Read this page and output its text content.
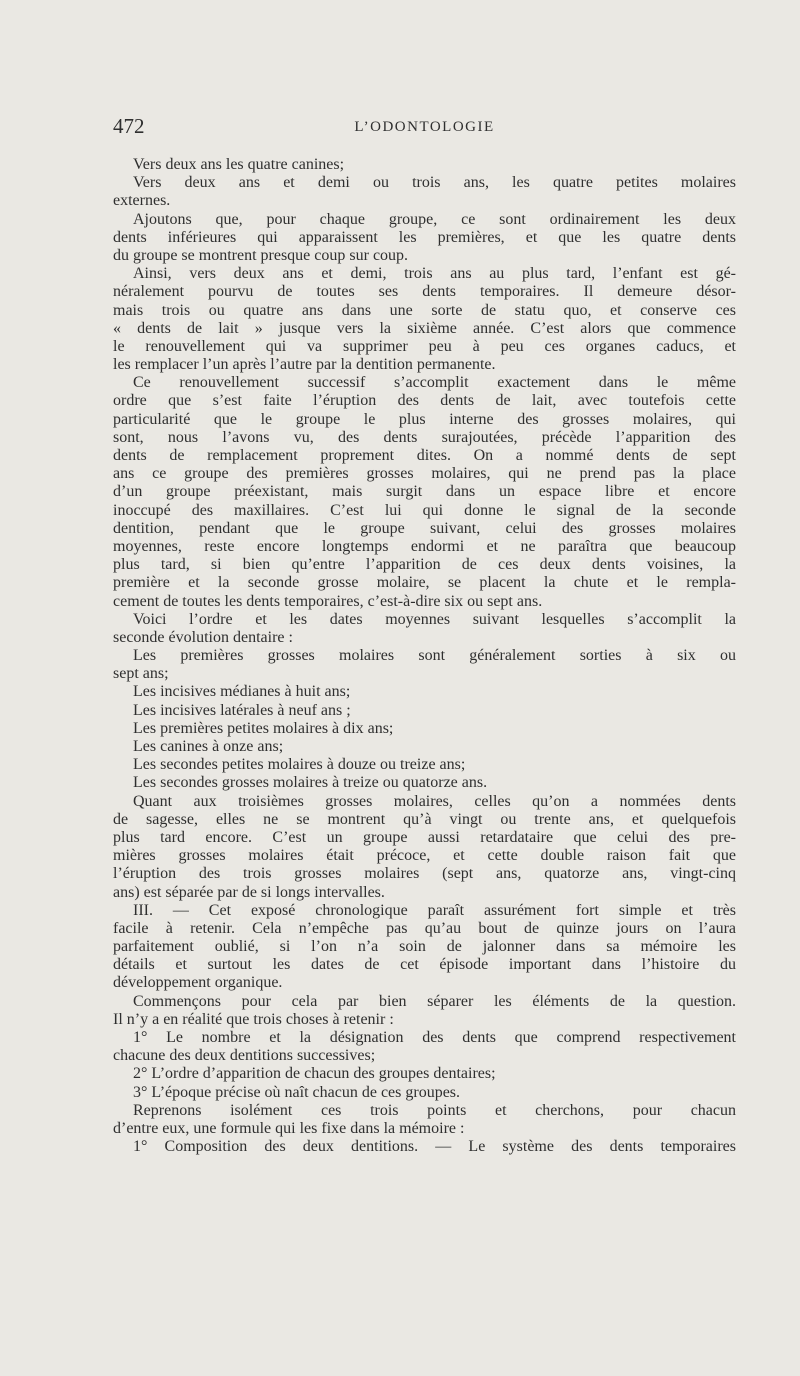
472	L’ODONTOLOGIE
Vers deux ans les quatre canines;
Vers deux ans et demi ou trois ans, les quatre petites molaires
externes.
Ajoutons que, pour chaque groupe, ce sont ordinairement les deux
dents inférieures qui apparaissent les premières, et que les quatre dents
du groupe se montrent presque coup sur coup.
Ainsi, vers deux ans et demi, trois ans au plus tard, l’enfant est gé-
néralement pourvu de toutes ses dents temporaires. Il demeure désor-
mais trois ou quatre ans dans une sorte de statu quo, et conserve ces
« dents de lait » jusque vers la sixième année. C’est alors que commence
le renouvellement qui va supprimer peu à peu ces organes caducs, et
les remplacer l’un après l’autre par la dentition permanente.
Ce renouvellement successif s’accomplit exactement dans le même
ordre que s’est faite l’éruption des dents de lait, avec toutefois cette
particularité que le groupe le plus interne des grosses molaires, qui
sont, nous l’avons vu, des dents surajoutées, précède l’apparition des
dents de remplacement proprement dites. On a nommé dents de sept
ans ce groupe des premières grosses molaires, qui ne prend pas la place
d’un groupe préexistant, mais surgit dans un espace libre et encore
inoccupé des maxillaires. C’est lui qui donne le signal de la seconde
dentition, pendant que le groupe suivant, celui des grosses molaires
moyennes, reste encore longtemps endormi et ne paraîtra que beaucoup
plus tard, si bien qu’entre l’apparition de ces deux dents voisines, la
première et la seconde grosse molaire, se placent la chute et le rempla-
cement de toutes les dents temporaires, c’est-à-dire six ou sept ans.
Voici l’ordre et les dates moyennes suivant lesquelles s’accomplit la
seconde évolution dentaire :
Les premières grosses molaires sont généralement sorties à six ou
sept ans;
Les incisives médianes à huit ans;
Les incisives latérales à neuf ans ;
Les premières petites molaires à dix ans;
Les canines à onze ans;
Les secondes petites molaires à douze ou treize ans;
Les secondes grosses molaires à treize ou quatorze ans.
Quant aux troisièmes grosses molaires, celles qu’on a nommées dents
de sagesse, elles ne se montrent qu’à vingt ou trente ans, et quelquefois
plus tard encore. C’est un groupe aussi retardataire que celui des pre-
mières grosses molaires était précoce, et cette double raison fait que
l’éruption des trois grosses molaires (sept ans, quatorze ans, vingt-cinq
ans) est séparée par de si longs intervalles.
III. — Cet exposé chronologique paraît assurément fort simple et très
facile à retenir. Cela n’empêche pas qu’au bout de quinze jours on l’aura
parfaitement oublié, si l’on n’a soin de jalonner dans sa mémoire les
détails et surtout les dates de cet épisode important dans l’histoire du
développement organique.
Commençons pour cela par bien séparer les éléments de la question.
Il n’y a en réalité que trois choses à retenir :
1° Le nombre et la désignation des dents que comprend respectivement
chacune des deux dentitions successives;
2° L’ordre d’apparition de chacun des groupes dentaires;
3° L’époque précise où naît chacun de ces groupes.
Reprenons isolément ces trois points et cherchons, pour chacun
d’entre eux, une formule qui les fixe dans la mémoire :
1° Composition des deux dentitions. — Le système des dents temporaires
